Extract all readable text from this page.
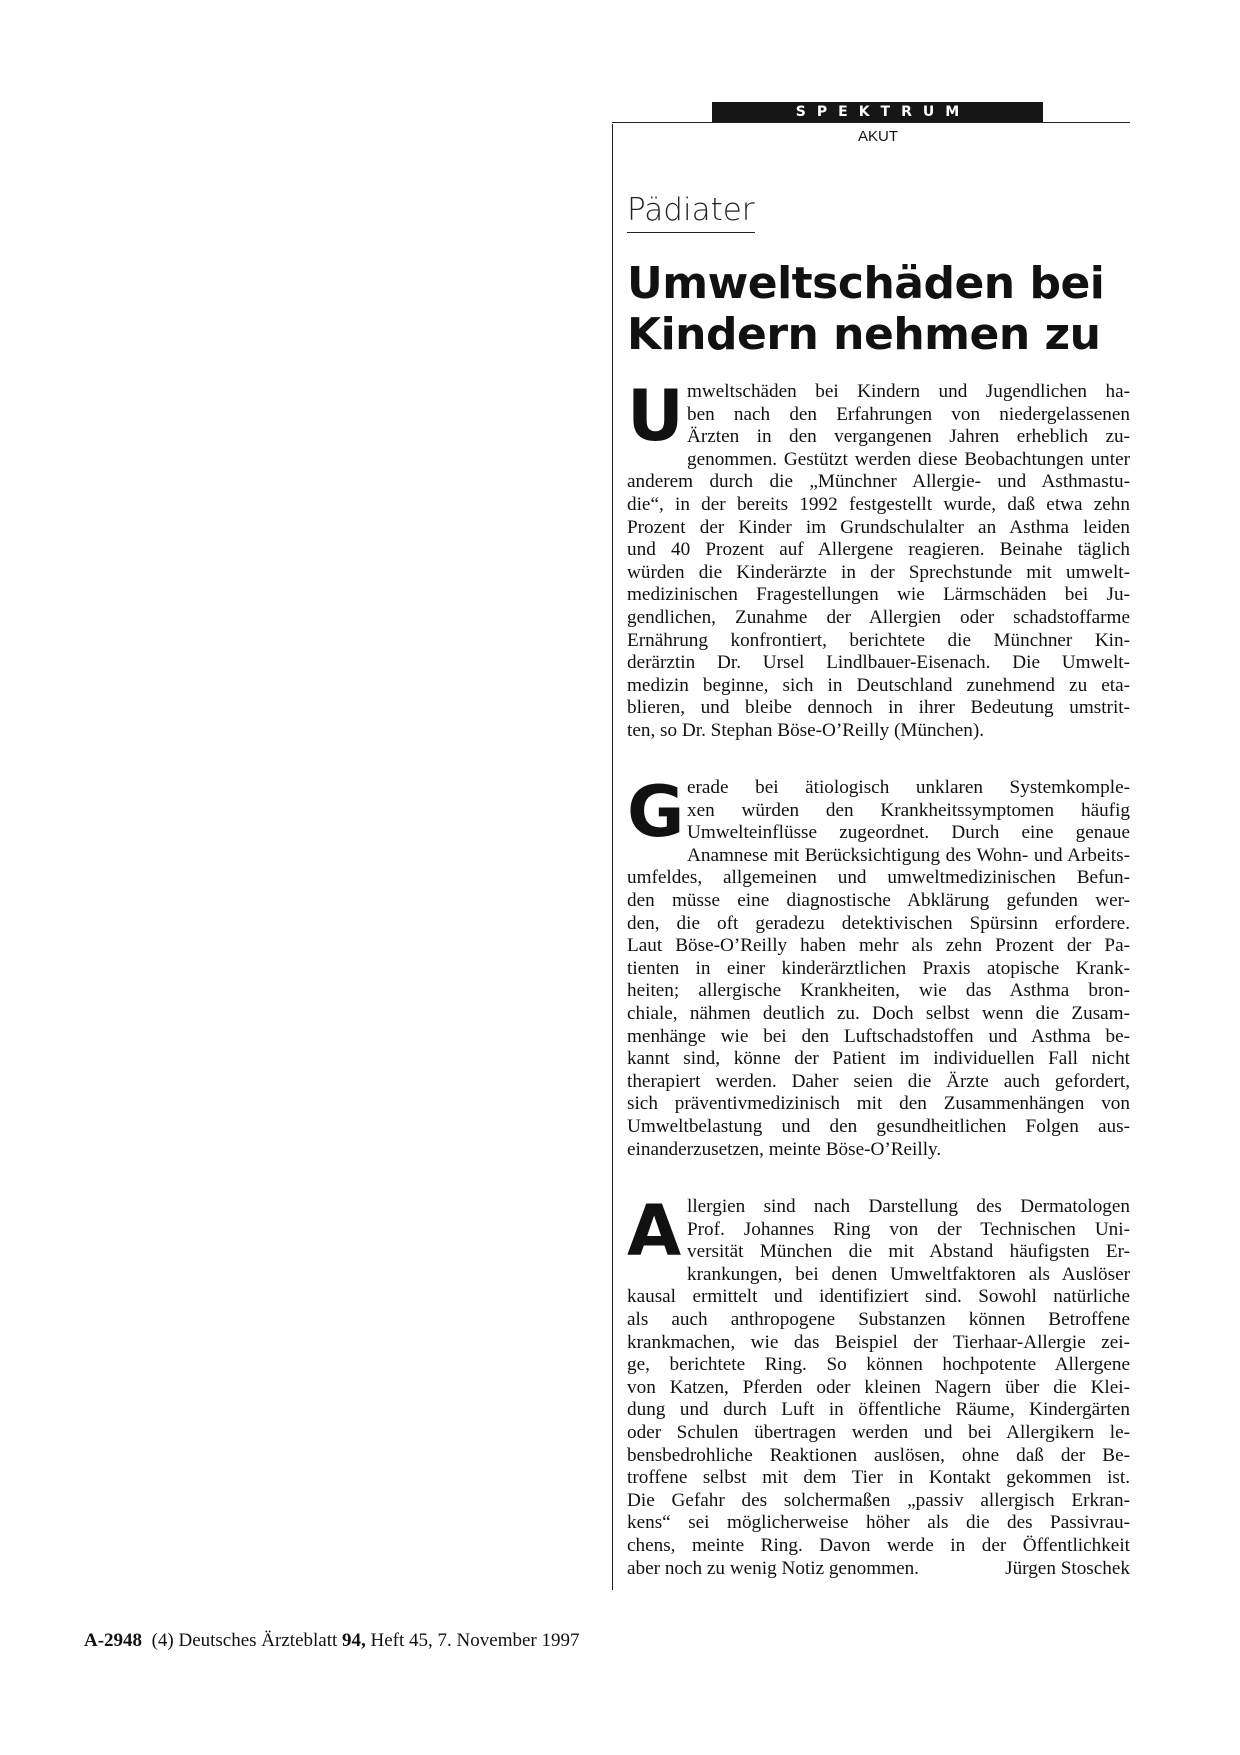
SPEKTRUM
AKUT
Pädiater
Umweltschäden bei
Kindern nehmen zu
U mweltschäden bei Kindern und Jugendlichen ha-
ben nach den Erfahrungen von niedergelassenen
Ärzten in den vergangenen Jahren erheblich zu-
genommen. Gestützt werden diese Beobachtungen unter
anderem durch die „Münchner Allergie- und Asthmastu-
die“, in der bereits 1992 festgestellt wurde, daß etwa zehn
Prozent der Kinder im Grundschulalter an Asthma leiden
und 40 Prozent auf Allergene reagieren. Beinahe täglich
würden die Kinderärzte in der Sprechstunde mit umwelt-
medizinischen Fragestellungen wie Lärmschäden bei Ju-
gendlichen, Zunahme der Allergien oder schadstoffarme
Ernährung konfrontiert, berichtete die Münchner Kin-
derärztin Dr. Ursel Lindlbauer-Eisenach. Die Umwelt-
medizin beginne, sich in Deutschland zunehmend zu eta-
blieren, und bleibe dennoch in ihrer Bedeutung umstrit-
ten, so Dr. Stephan Böse-O’Reilly (München).
G erade bei ätiologisch unklaren Systemkomple-
xen würden den Krankheitssymptomen häufig
Umwelteinflüsse zugeordnet. Durch eine genaue
Anamnese mit Berücksichtigung des Wohn- und Arbeits-
umfeldes, allgemeinen und umweltmedizinischen Befun-
den müsse eine diagnostische Abklärung gefunden wer-
den, die oft geradezu detektivischen Spürsinn erfordere.
Laut Böse-O’Reilly haben mehr als zehn Prozent der Pa-
tienten in einer kinderärztlichen Praxis atopische Krank-
heiten; allergische Krankheiten, wie das Asthma bron-
chiale, nähmen deutlich zu. Doch selbst wenn die Zusam-
menhänge wie bei den Luftschadstoffen und Asthma be-
kannt sind, könne der Patient im individuellen Fall nicht
therapiert werden. Daher seien die Ärzte auch gefordert,
sich präventivmedizinisch mit den Zusammenhängen von
Umweltbelastung und den gesundheitlichen Folgen aus-
einanderzusetzen, meinte Böse-O’Reilly.
A llergien sind nach Darstellung des Dermatologen
Prof. Johannes Ring von der Technischen Uni-
versität München die mit Abstand häufigsten Er-
krankungen, bei denen Umweltfaktoren als Auslöser
kausal ermittelt und identifiziert sind. Sowohl natürliche
als auch anthropogene Substanzen können Betroffene
krankmachen, wie das Beispiel der Tierhaar-Allergie zei-
ge, berichtete Ring. So können hochpotente Allergene
von Katzen, Pferden oder kleinen Nagern über die Klei-
dung und durch Luft in öffentliche Räume, Kindergärten
oder Schulen übertragen werden und bei Allergikern le-
bensbedrohliche Reaktionen auslösen, ohne daß der Be-
troffene selbst mit dem Tier in Kontakt gekommen ist.
Die Gefahr des solchermaßen „passiv allergisch Erkran-
kens“ sei möglicherweise höher als die des Passivrau-
chens, meinte Ring. Davon werde in der Öffentlichkeit
aber noch zu wenig Notiz genommen.	Jürgen Stoschek
A-2948 (4) Deutsches Ärzteblatt 94, Heft 45, 7. November 1997
